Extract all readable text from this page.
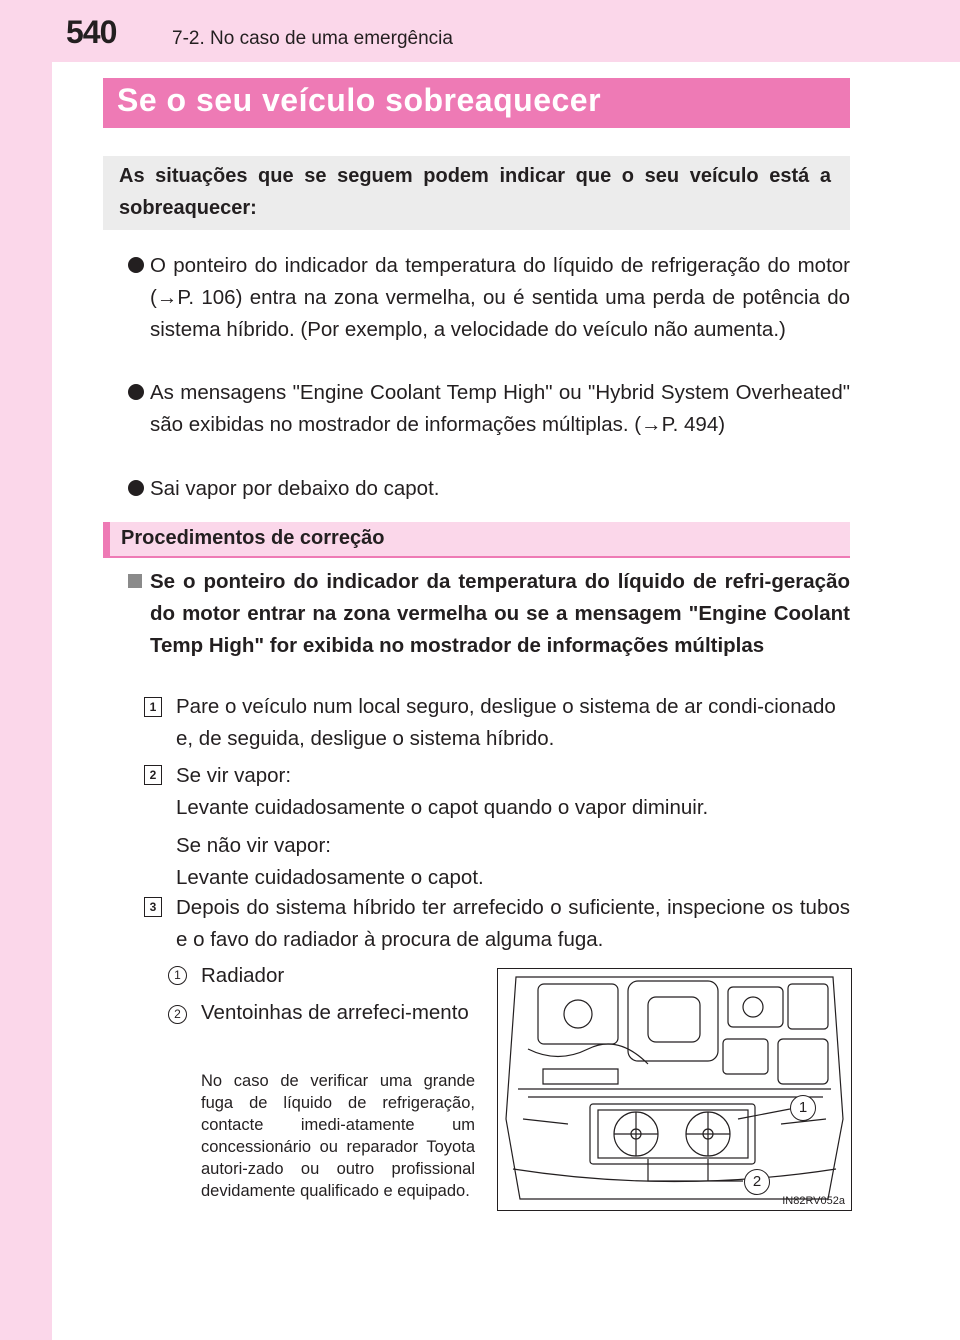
540	7-2. No caso de uma emergência
Se o seu veículo sobreaquecer

As situações que se seguem podem indicar que o seu veículo está a sobreaquecer:

O ponteiro do indicador da temperatura do líquido de refrigeração do motor (→P. 106) entra na zona vermelha, ou é sentida uma perda de potência do sistema híbrido. (Por exemplo, a velocidade do veículo não aumenta.)
As mensagens "Engine Coolant Temp High" ou "Hybrid System Overheated" são exibidas no mostrador de informações múltiplas. (→P. 494)
Sai vapor por debaixo do capot.
Procedimentos de correção
Se o ponteiro do indicador da temperatura do líquido de refri-geração do motor entrar na zona vermelha ou se a mensagem "Engine Coolant Temp High" for exibida no mostrador de informações múltiplas
1 Pare o veículo num local seguro, desligue o sistema de ar condi-cionado e, de seguida, desligue o sistema híbrido.

2 Se vir vapor:

Levante cuidadosamente o capot quando o vapor diminuir.

Se não vir vapor:

Levante cuidadosamente o capot.

3 Depois do sistema híbrido ter arrefecido o suficiente, inspecione os tubos e o favo do radiador à procura de alguma fuga.

1 Radiador
2 Ventoinhas de arrefeci-mento
No caso de verificar uma grande fuga de líquido de refrigeração, contacte imedi-atamente um concessionário ou reparador Toyota autori-zado ou outro profissional devidamente qualificado e equipado.
1
2
IN82RV052a
